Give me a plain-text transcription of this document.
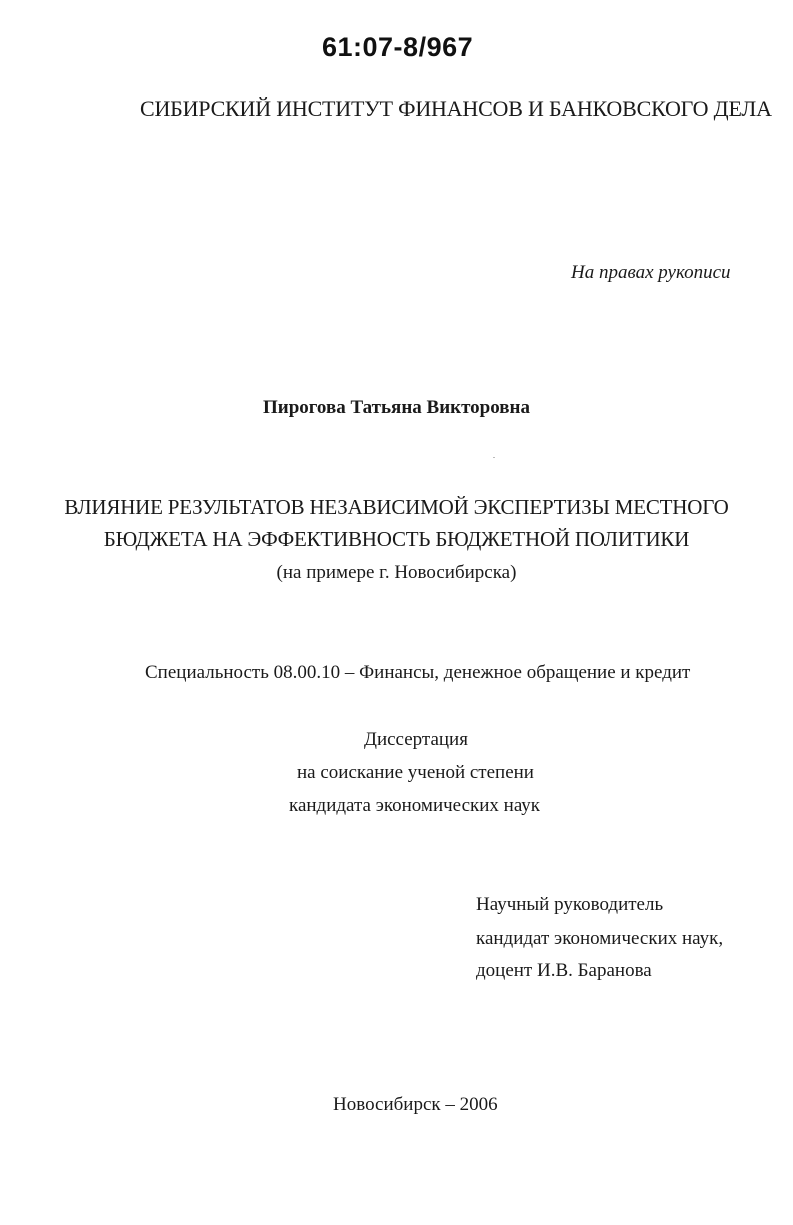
61:07-8/967
СИБИРСКИЙ ИНСТИТУТ ФИНАНСОВ И БАНКОВСКОГО ДЕЛА
На правах рукописи
Пирогова Татьяна Викторовна
ВЛИЯНИЕ РЕЗУЛЬТАТОВ НЕЗАВИСИМОЙ ЭКСПЕРТИЗЫ МЕСТНОГО
БЮДЖЕТА НА ЭФФЕКТИВНОСТЬ БЮДЖЕТНОЙ ПОЛИТИКИ
(на примере г. Новосибирска)
Специальность 08.00.10 – Финансы, денежное обращение и кредит
Диссертация
на соискание ученой степени
кандидата экономических наук
Научный руководитель
кандидат экономических наук,
доцент И.В. Баранова
Новосибирск – 2006
